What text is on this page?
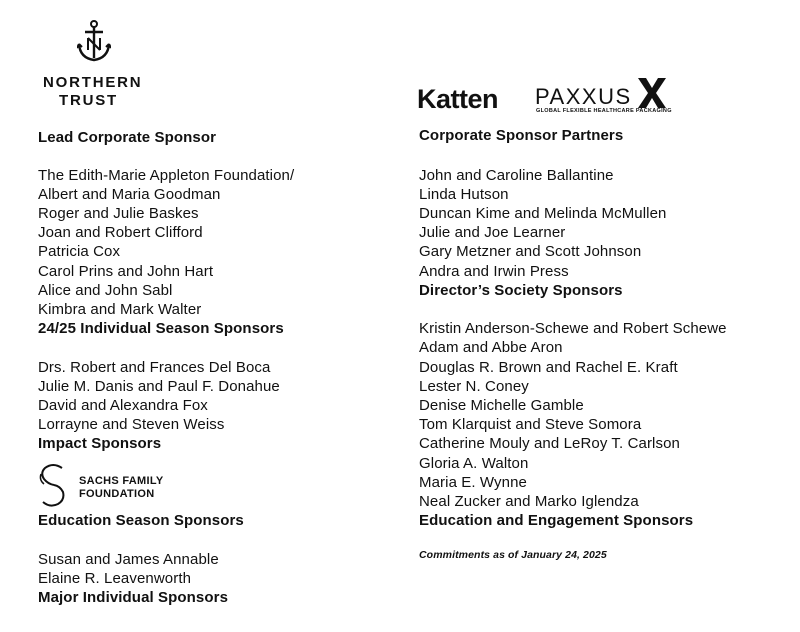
NORTHERN
TRUST
Lead Corporate Sponsor
The Edith-Marie Appleton Foundation/
Albert and Maria Goodman
Roger and Julie Baskes
Joan and Robert Clifford
Patricia Cox
Carol Prins and John Hart
Alice and John Sabl
Kimbra and Mark Walter
24/25 Individual Season Sponsors
Drs. Robert and Frances Del Boca
Julie M. Danis and Paul F. Donahue
David and Alexandra Fox
Lorrayne and Steven Weiss
Impact Sponsors
SACHS FAMILY
FOUNDATION
Education Season Sponsors
Susan and James Annable
Elaine R. Leavenworth
Major Individual Sponsors
Katten PAXXUS
GLOBAL FLEXIBLE HEALTHCARE PACKAGING
Corporate Sponsor Partners
John and Caroline Ballantine
Linda Hutson
Duncan Kime and Melinda McMullen
Julie and Joe Learner
Gary Metzner and Scott Johnson
Andra and Irwin Press
Director’s Society Sponsors
Kristin Anderson-Schewe and Robert Schewe
Adam and Abbe Aron
Douglas R. Brown and Rachel E. Kraft
Lester N. Coney
Denise Michelle Gamble
Tom Klarquist and Steve Somora
Catherine Mouly and LeRoy T. Carlson
Gloria A. Walton
Maria E. Wynne
Neal Zucker and Marko Iglendza
Education and Engagement Sponsors
Commitments as of January 24, 2025
